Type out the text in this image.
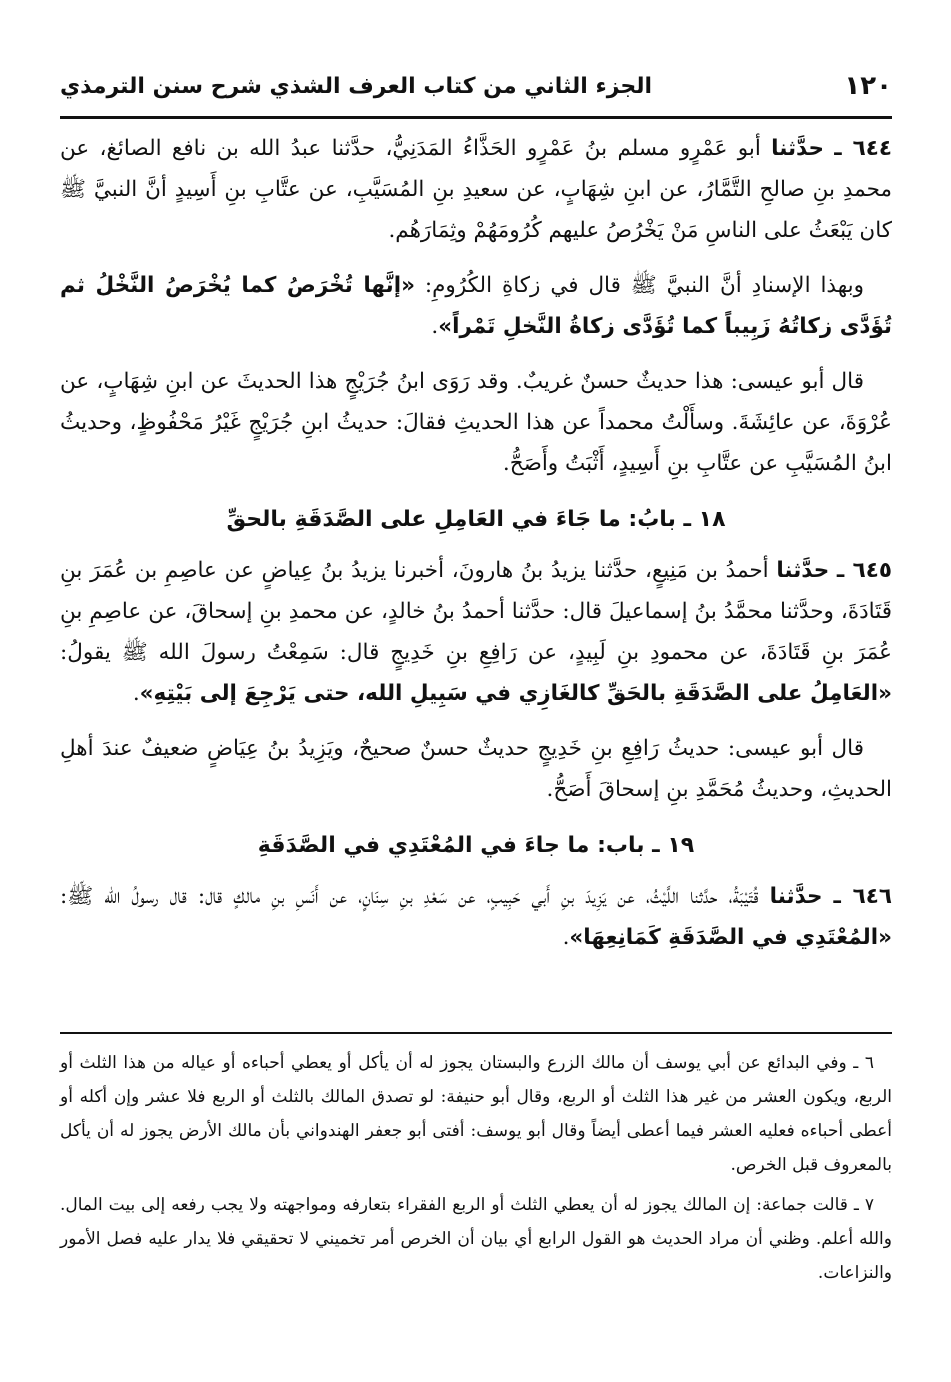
١٢٠
الجزء الثاني من كتاب العرف الشذي شرح سنن الترمذي

٦٤٤ ـ حدَّثنا أبو عَمْرٍو مسلم بنُ عَمْرٍو الحَذَّاءُ المَدَنِيُّ، حدَّثنا عبدُ الله بن نافع الصائغ، عن محمدِ بنِ صالحِ التَّمَّارُ، عن ابنِ شِهَابٍ، عن سعيدِ بنِ المُسَيَّبِ، عن عتَّابِ بنِ أَسِيدٍ أنَّ النبيَّ ﷺ كان يَبْعَثُ على الناسِ مَنْ يَخْرُصُ عليهم كُرُومَهُمْ وثِمَارَهُم.

وبهذا الإسنادِ أنَّ النبيَّ ﷺ قال في زكاةِ الكُرُومِ: «إنَّها تُخْرَصُ كما يُخْرَصُ النَّخْلُ ثم تُؤَدَّى زكاتُهُ زَبِيباً كما تُؤَدَّى زكاةُ النَّخلِ تَمْراً».

قال أبو عيسى: هذا حديثٌ حسنٌ غريبٌ. وقد رَوَى ابنُ جُرَيْجٍ هذا الحديثَ عن ابنِ شِهَابٍ، عن عُرْوَةَ، عن عائِشَةَ. وسأَلْتُ محمداً عن هذا الحديثِ فقالَ: حديثُ ابنِ جُرَيْجٍ غَيْرُ مَحْفُوظٍ، وحديثُ ابنُ المُسَيَّبِ عن عتَّابِ بنِ أَسِيدٍ، أَثْبَتُ وأَصَحُّ.

١٨ ـ بابُ: ما جَاءَ في العَامِلِ على الصَّدَقَةِ بالحقِّ

٦٤٥ ـ حدَّثنا أحمدُ بن مَنِيعٍ، حدَّثنا يزيدُ بنُ هارونَ، أخبرنا يزيدُ بنُ عِياضٍ عن عاصِمِ بن عُمَرَ بنِ قَتَادَةَ، وحدَّثنا محمَّدُ بنُ إسماعيلَ قال: حدَّثنا أحمدُ بنُ خالدٍ، عن محمدِ بنِ إسحاقَ، عن عاصِمِ بنِ عُمَرَ بنِ قَتَادَةَ، عن محمودِ بنِ لَبِيدٍ، عن رَافِعِ بنِ خَدِيجٍ قال: سَمِعْتُ رسولَ الله ﷺ يقولُ: «العَامِلُ على الصَّدَقَةِ بالحَقِّ كالغَازِي في سَبِيلِ الله، حتى يَرْجِعَ إلى بَيْتِهِ».

قال أبو عيسى: حديثُ رَافِعِ بنِ خَدِيجٍ حديثٌ حسنٌ صحيحٌ، ويَزِيدُ بنُ عِيَاضٍ ضعيفٌ عندَ أهلِ الحديثِ، وحديثُ مُحَمَّدِ بنِ إسحاقَ أَصَحُّ.

١٩ ـ باب: ما جاءَ في المُعْتَدِي في الصَّدَقَةِ

٦٤٦ ـ حدَّثنا قُتَيْبَةُ، حدَّثنا اللَّيْثُ، عن يَزِيدَ بنِ أَبي حَبِيبٍ، عن سَعْدِ بنِ سِنَانٍ، عن أَنَسِ بنِ مالكٍ قال: قال رسولُ الله ﷺ: «المُعْتَدِي في الصَّدَقَةِ كَمَانِعِهَا».

٦ ـ وفي البدائع عن أبي يوسف أن مالك الزرع والبستان يجوز له أن يأكل أو يعطي أحباءه أو عياله من هذا الثلث أو الربع، ويكون العشر من غير هذا الثلث أو الربع، وقال أبو حنيفة: لو تصدق المالك بالثلث أو الربع فلا عشر وإن أكله أو أعطى أحباءه فعليه العشر فيما أعطى أيضاً وقال أبو يوسف: أفتى أبو جعفر الهندواني بأن مالك الأرض يجوز له أن يأكل بالمعروف قبل الخرص.

٧ ـ قالت جماعة: إن المالك يجوز له أن يعطي الثلث أو الربع الفقراء بتعارفه ومواجهته ولا يجب رفعه إلى بيت المال. والله أعلم. وظني أن مراد الحديث هو القول الرابع أي بيان أن الخرص أمر تخميني لا تحقيقي فلا يدار عليه فصل الأمور والنزاعات.
